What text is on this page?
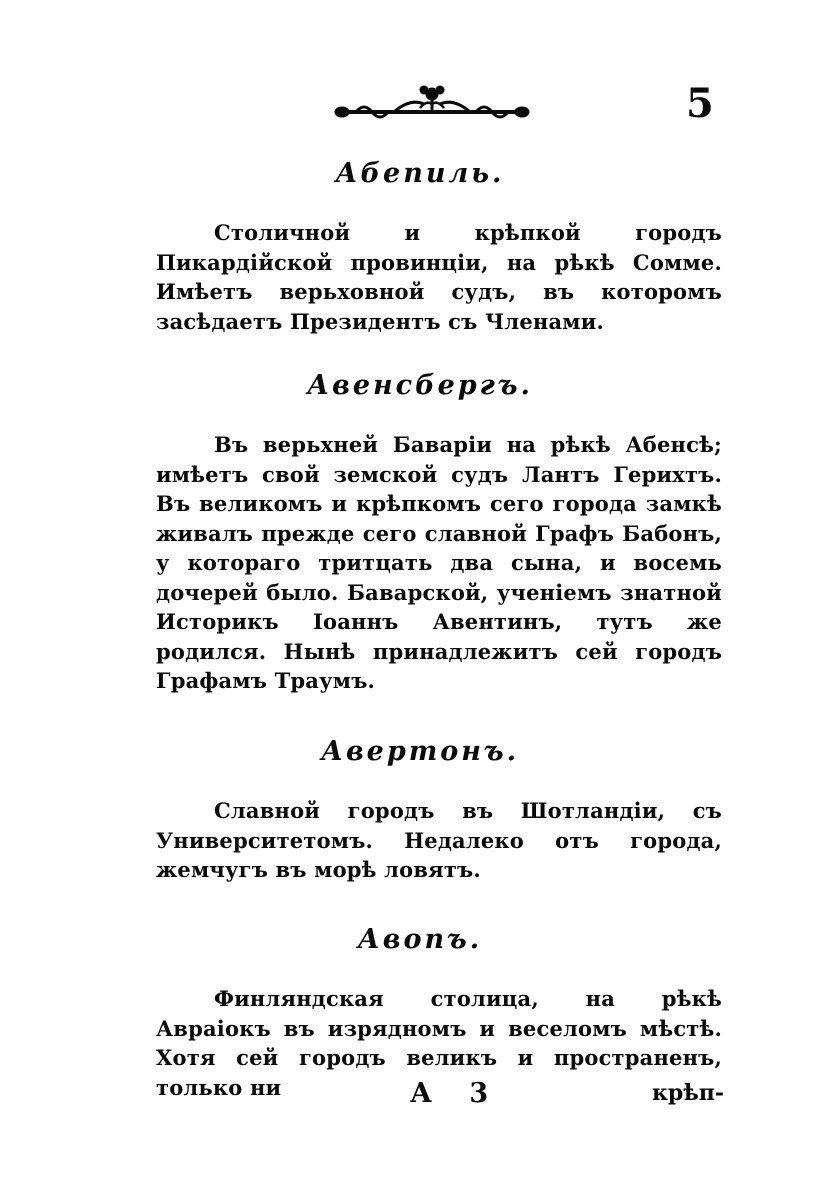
5
Абепиль.
Столичной и крѣпкой городъ Пикардійской провинціи, на рѣкѣ Сомме. Имѣетъ верьховной судъ, въ которомъ засѣдаетъ Президентъ съ Членами.
Авенсбергъ.
Въ верьхней Баваріи на рѣкѣ Абенсѣ; имѣетъ свой земской судъ Лантъ Герихтъ. Въ великомъ и крѣпкомъ сего города замкѣ живалъ прежде сего славной Графъ Бабонъ, у котораго тритцать два сына, и восемь дочерей было. Баварской, ученіемъ знатной Историкъ Іоаннъ Авентинъ, тутъ же родился. Нынѣ принадлежитъ сей городъ Графамъ Траумъ.
Авертонъ.
Славной городъ въ Шотландіи, съ Университетомъ. Недалеко отъ города, жемчугъ въ морѣ ловятъ.
Авопъ.
Финляндская столица, на рѣкѣ Авраіокъ въ изрядномъ и веселомъ мѣстѣ. Хотя сей городъ великъ и пространенъ, только ни	А 3	крѣп-
